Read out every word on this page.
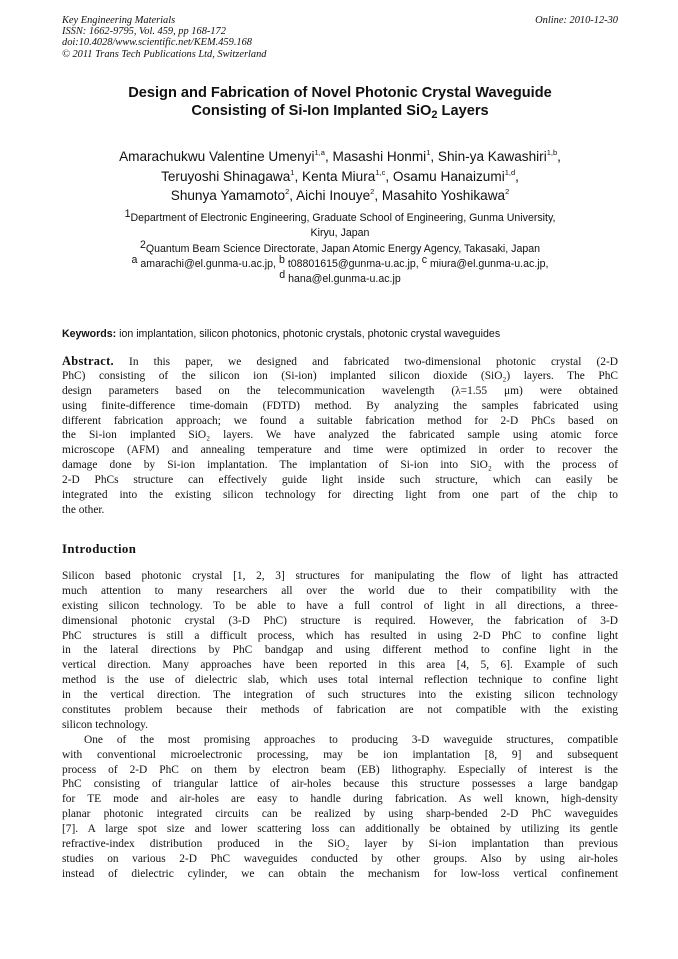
Key Engineering Materials
ISSN: 1662-9795, Vol. 459, pp 168-172
doi:10.4028/www.scientific.net/KEM.459.168
© 2011 Trans Tech Publications Ltd, Switzerland
Online: 2010-12-30
Design and Fabrication of Novel Photonic Crystal Waveguide
Consisting of Si-Ion Implanted SiO$_2$ Layers
Amarachukwu Valentine Umenyi$^{1,a}$, Masashi Honmi$^1$, Shin-ya Kawashiri$^{1,b}$,
Teruyoshi Shinagawa$^1$, Kenta Miura$^{1,c}$, Osamu Hanaizumi$^{1,d}$,
Shunya Yamamoto$^2$, Aichi Inouye$^2$, Masahito Yoshikawa$^2$
$^1$Department of Electronic Engineering, Graduate School of Engineering, Gunma University,
Kiryu, Japan
$^2$Quantum Beam Science Directorate, Japan Atomic Energy Agency, Takasaki, Japan
$^a$ amarachi@el.gunma-u.ac.jp, $^b$ t08801615@gunma-u.ac.jp, $^c$ miura@el.gunma-u.ac.jp,
$^d$ hana@el.gunma-u.ac.jp
Keywords: ion implantation, silicon photonics, photonic crystals, photonic crystal waveguides
Abstract. In this paper, we designed and fabricated two-dimensional photonic crystal (2-D
PhC) consisting of the silicon ion (Si-ion) implanted silicon dioxide (SiO₂) layers. The PhC
design parameters based on the telecommunication wavelength (λ=1.55 μm) were obtained
using finite-difference time-domain (FDTD) method. By analyzing the samples fabricated using
different fabrication approach; we found a suitable fabrication method for 2-D PhCs based on
the Si-ion implanted SiO₂ layers. We have analyzed the fabricated sample using atomic force
microscope (AFM) and annealing temperature and time were optimized in order to recover the
damage done by Si-ion implantation. The implantation of Si-ion into SiO₂ with the process of
2-D PhCs structure can effectively guide light inside such structure, which can easily be
integrated into the existing silicon technology for directing light from one part of the chip to
the other.
Introduction
Silicon based photonic crystal [1, 2, 3] structures for manipulating the flow of light has attracted
much attention to many researchers all over the world due to their compatibility with the
existing silicon technology. To be able to have a full control of light in all directions, a three-
dimensional photonic crystal (3-D PhC) structure is required. However, the fabrication of 3-D
PhC structures is still a difficult process, which has resulted in using 2-D PhC to confine light
in the lateral directions by PhC bandgap and using different method to confine light in the
vertical direction. Many approaches have been reported in this area [4, 5, 6]. Example of such
method is the use of dielectric slab, which uses total internal reflection technique to confine light
in the vertical direction. The integration of such structures into the existing silicon technology
constitutes problem because their methods of fabrication are not compatible with the existing
silicon technology.
One of the most promising approaches to producing 3-D waveguide structures, compatible
with conventional microelectronic processing, may be ion implantation [8, 9] and subsequent
process of 2-D PhC on them by electron beam (EB) lithography. Especially of interest is the
PhC consisting of triangular lattice of air-holes because this structure possesses a large bandgap
for TE mode and air-holes are easy to handle during fabrication. As well known, high-density
planar photonic integrated circuits can be realized by using sharp-bended 2-D PhC waveguides
[7]. A large spot size and lower scattering loss can additionally be obtained by utilizing its gentle
refractive-index distribution produced in the SiO₂ layer by Si-ion implantation than previous
studies on various 2-D PhC waveguides conducted by other groups. Also by using air-holes
instead of dielectric cylinder, we can obtain the mechanism for low-loss vertical confinement
